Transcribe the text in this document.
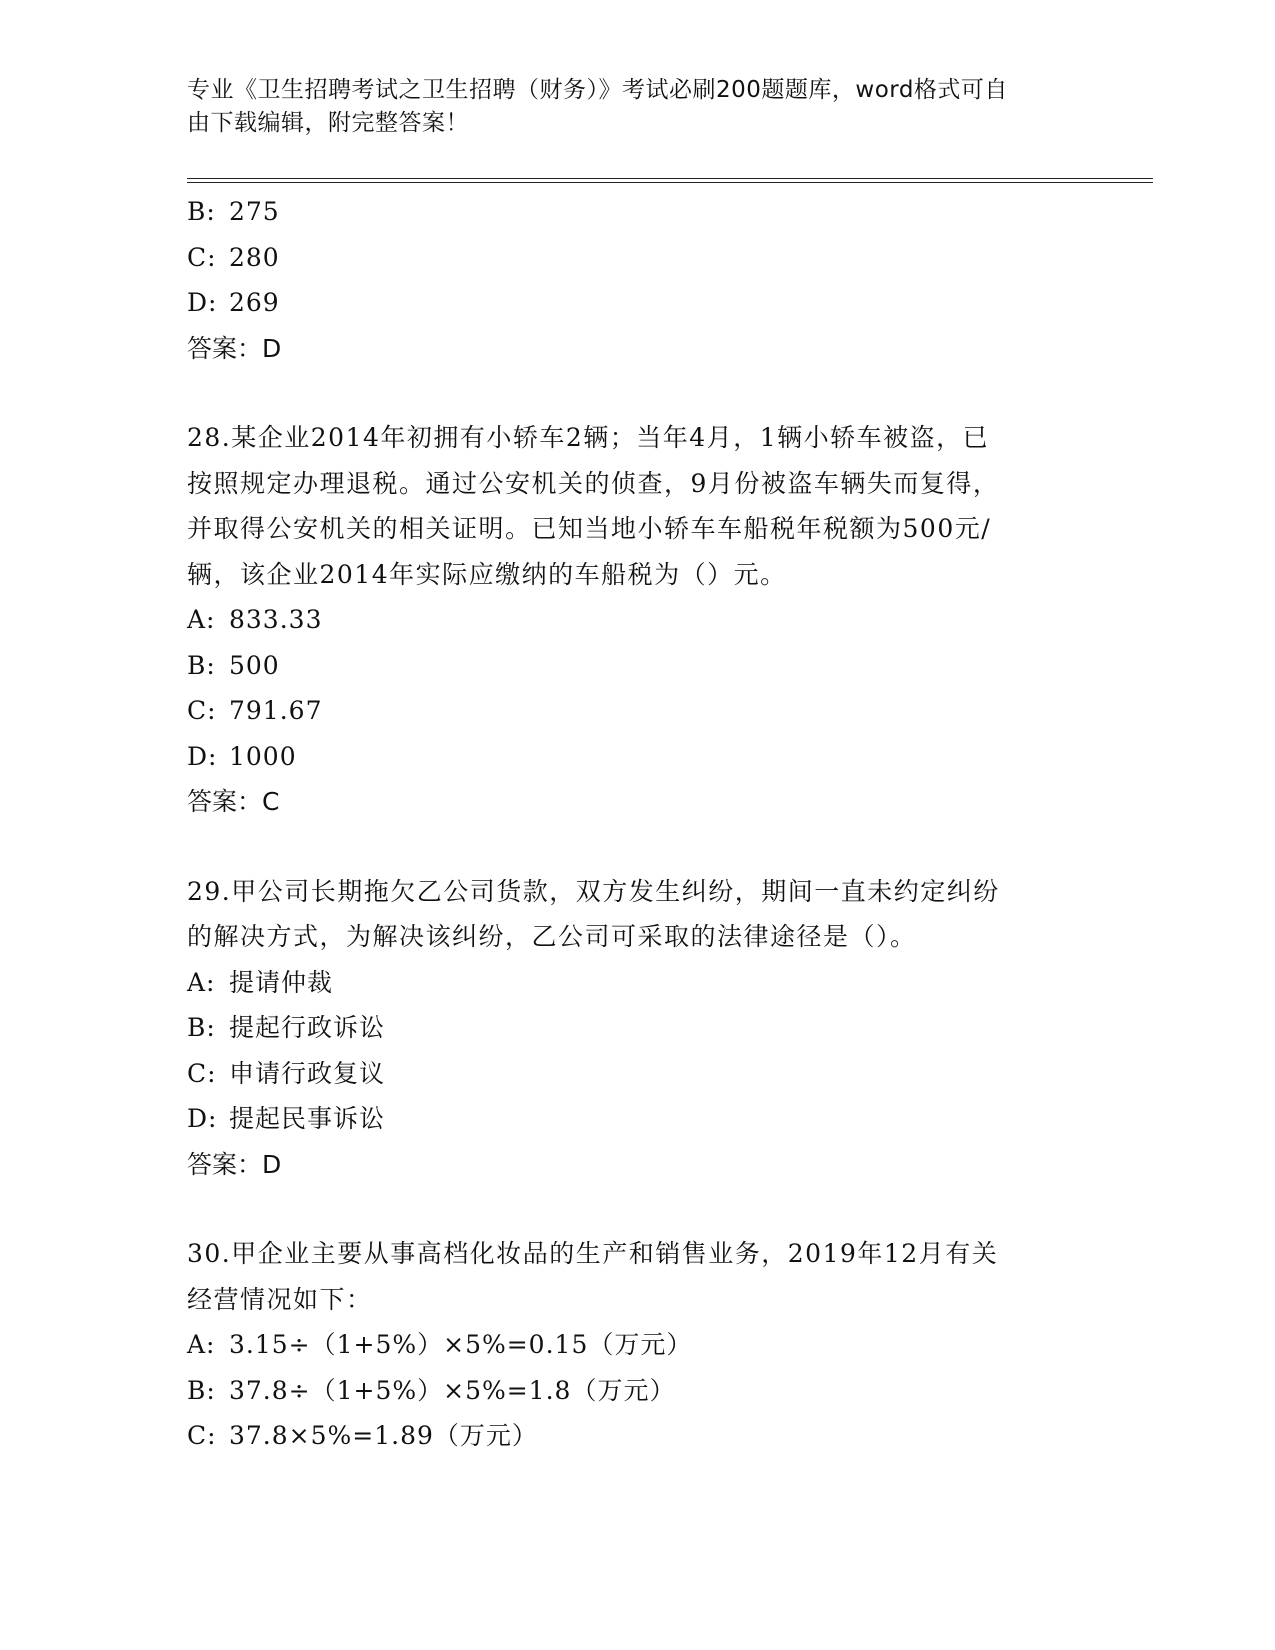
专业《卫生招聘考试之卫生招聘（财务）》考试必刷200题题库，word格式可自
由下载编辑，附完整答案！
B: 275
C: 280
D: 269
答案：D
28.某企业2014年初拥有小轿车2辆；当年4月，1辆小轿车被盗，已
按照规定办理退税。通过公安机关的侦查，9月份被盗车辆失而复得，
并取得公安机关的相关证明。已知当地小轿车车船税年税额为500元/
辆，该企业2014年实际应缴纳的车船税为（）元。
A: 833.33
B: 500
C: 791.67
D: 1000
答案：C
29.甲公司长期拖欠乙公司货款，双方发生纠纷，期间一直未约定纠纷
的解决方式，为解决该纠纷，乙公司可采取的法律途径是（）。
A: 提请仲裁
B: 提起行政诉讼
C: 申请行政复议
D: 提起民事诉讼
答案：D
30.甲企业主要从事高档化妆品的生产和销售业务，2019年12月有关
经营情况如下：
A: 3.15÷（1+5%）×5%=0.15（万元）
B: 37.8÷（1+5%）×5%=1.8（万元）
C: 37.8×5%=1.89（万元）
